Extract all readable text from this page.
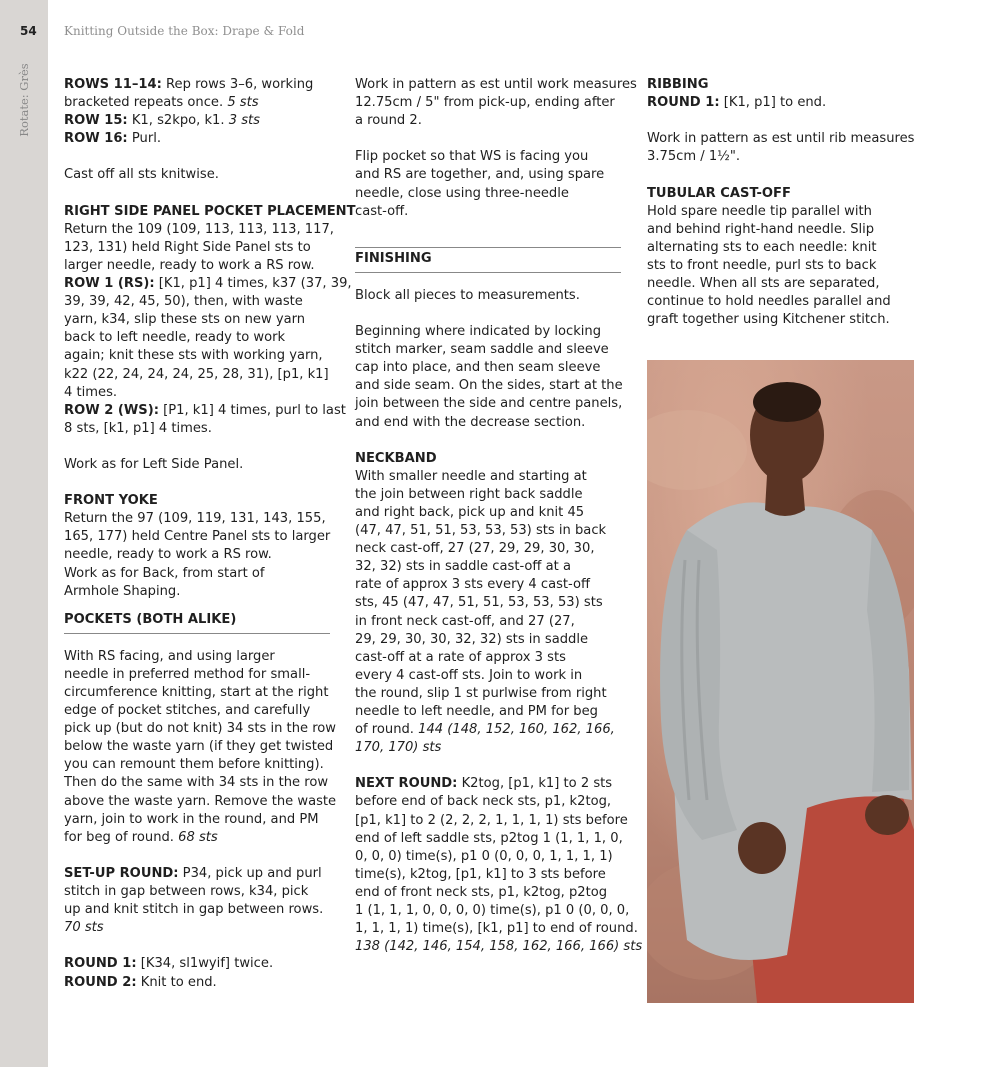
54
Rotate: Grès
Knitting Outside the Box: Drape & Fold

ROWS 11–14: Rep rows 3–6, working
bracketed repeats once. 5 sts
ROW 15: K1, s2kpo, k1. 3 sts
ROW 16: Purl.

Cast off all sts knitwise.

RIGHT SIDE PANEL POCKET PLACEMENT
Return the 109 (109, 113, 113, 113, 117,
123, 131) held Right Side Panel sts to
larger needle, ready to work a RS row.
ROW 1 (RS): [K1, p1] 4 times, k37 (37, 39,
39, 39, 42, 45, 50), then, with waste
yarn, k34, slip these sts on new yarn
back to left needle, ready to work
again; knit these sts with working yarn,
k22 (22, 24, 24, 24, 25, 28, 31), [p1, k1]
4 times.
ROW 2 (WS): [P1, k1] 4 times, purl to last
8 sts, [k1, p1] 4 times.

Work as for Left Side Panel.

FRONT YOKE
Return the 97 (109, 119, 131, 143, 155,
165, 177) held Centre Panel sts to larger
needle, ready to work a RS row.
Work as for Back, from start of
Armhole Shaping.

POCKETS (BOTH ALIKE)

With RS facing, and using larger
needle in preferred method for small-
circumference knitting, start at the right
edge of pocket stitches, and carefully
pick up (but do not knit) 34 sts in the row
below the waste yarn (if they get twisted
you can remount them before knitting).
Then do the same with 34 sts in the row
above the waste yarn. Remove the waste
yarn, join to work in the round, and PM
for beg of round. 68 sts

SET-UP ROUND: P34, pick up and purl
stitch in gap between rows, k34, pick
up and knit stitch in gap between rows.
70 sts

ROUND 1: [K34, sl1wyif] twice.
ROUND 2: Knit to end.

Work in pattern as est until work measures
12.75cm / 5" from pick-up, ending after
a round 2.

Flip pocket so that WS is facing you
and RS are together, and, using spare
needle, close using three-needle
cast-off.

FINISHING

Block all pieces to measurements.

Beginning where indicated by locking
stitch marker, seam saddle and sleeve
cap into place, and then seam sleeve
and side seam. On the sides, start at the
join between the side and centre panels,
and end with the decrease section.

NECKBAND
With smaller needle and starting at
the join between right back saddle
and right back, pick up and knit 45
(47, 47, 51, 51, 53, 53, 53) sts in back
neck cast-off, 27 (27, 29, 29, 30, 30,
32, 32) sts in saddle cast-off at a
rate of approx 3 sts every 4 cast-off
sts, 45 (47, 47, 51, 51, 53, 53, 53) sts
in front neck cast-off, and 27 (27,
29, 29, 30, 30, 32, 32) sts in saddle
cast-off at a rate of approx 3 sts
every 4 cast-off sts. Join to work in
the round, slip 1 st purlwise from right
needle to left needle, and PM for beg
of round. 144 (148, 152, 160, 162, 166,
170, 170) sts

NEXT ROUND: K2tog, [p1, k1] to 2 sts
before end of back neck sts, p1, k2tog,
[p1, k1] to 2 (2, 2, 2, 1, 1, 1, 1) sts before
end of left saddle sts, p2tog 1 (1, 1, 1, 0,
0, 0, 0) time(s), p1 0 (0, 0, 0, 1, 1, 1, 1)
time(s), k2tog, [p1, k1] to 3 sts before
end of front neck sts, p1, k2tog, p2tog
1 (1, 1, 1, 0, 0, 0, 0) time(s), p1 0 (0, 0, 0,
1, 1, 1, 1) time(s), [k1, p1] to end of round.
138 (142, 146, 154, 158, 162, 166, 166) sts

RIBBING
ROUND 1: [K1, p1] to end.

Work in pattern as est until rib measures
3.75cm / 1½".

TUBULAR CAST-OFF
Hold spare needle tip parallel with
and behind right-hand needle. Slip
alternating sts to each needle: knit
sts to front needle, purl sts to back
needle. When all sts are separated,
continue to hold needles parallel and
graft together using Kitchener stitch.
